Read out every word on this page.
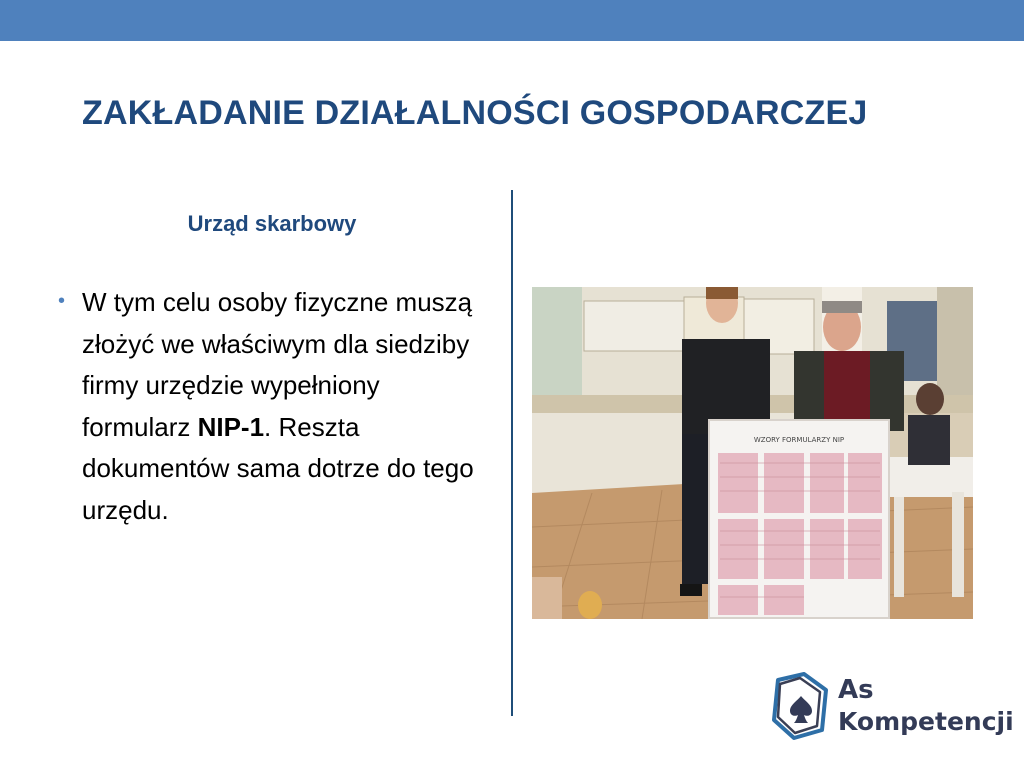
ZAKŁADANIE DZIAŁALNOŚCI GOSPODARCZEJ
Urząd skarbowy
• W tym celu osoby fizyczne muszą złożyć we właściwym dla siedziby firmy urzędzie wypełniony formularz NIP-1. Reszta dokumentów sama dotrze do tego urzędu.
WZORY FORMULARZY NIP
As
Kompetencji
